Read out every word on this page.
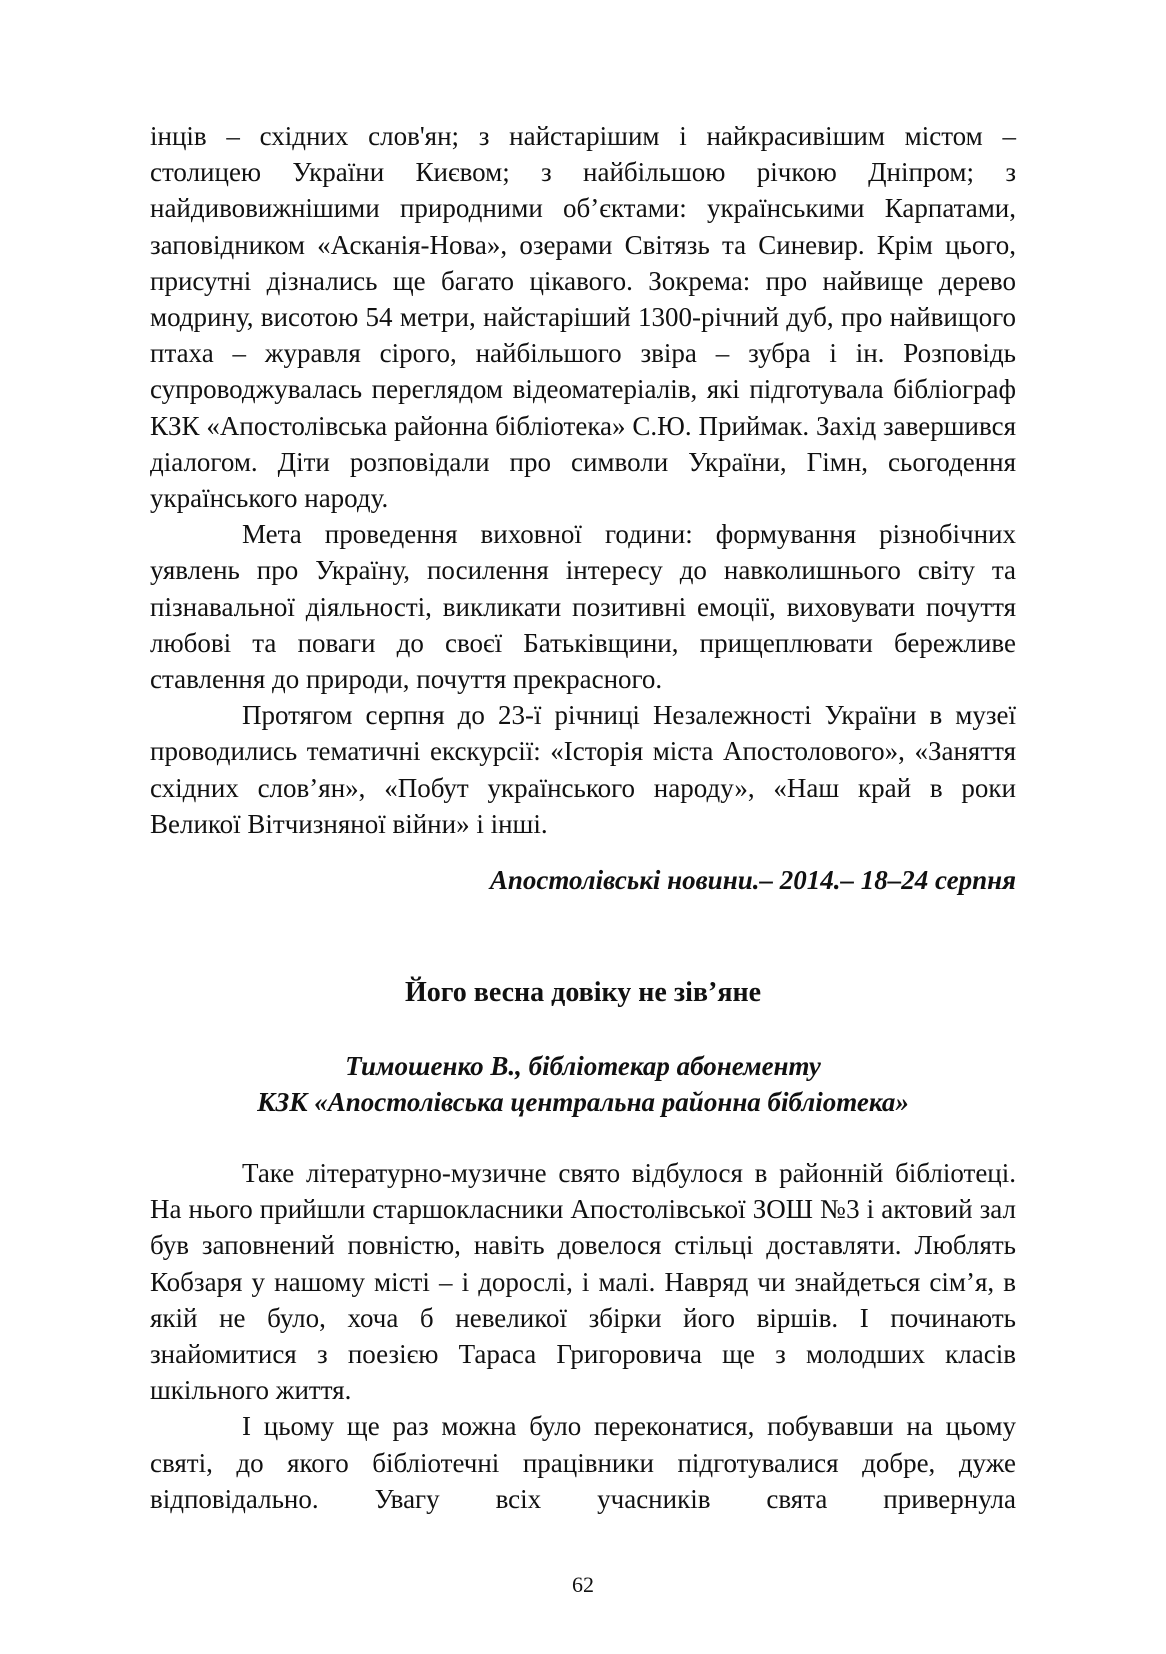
інців – східних слов'ян; з найстарішим і найкрасивішим містом – столицею України Києвом; з найбільшою річкою Дніпром; з найдивовижнішими природними об’єктами: українськими Карпатами, заповідником «Асканія-Нова», озерами Світязь та Синевир. Крім цього, присутні дізнались ще багато цікавого. Зокрема: про найвище дерево модрину, висотою 54 метри, найстаріший 1300-річний дуб, про найвищого птаха – журавля сірого, найбільшого звіра – зубра і ін. Розповідь супроводжувалась переглядом відеоматеріалів, які підготувала бібліограф КЗК «Апостолівська районна бібліотека» С.Ю. Приймак. Захід завершився діалогом. Діти розповідали про символи України, Гімн, сьогодення українського народу.

Мета проведення виховної години: формування різнобічних уявлень про Україну, посилення інтересу до навколишнього світу та пізнавальної діяльності, викликати позитивні емоції, виховувати почуття любові та поваги до своєї Батьківщини, прищеплювати бережливе ставлення до природи, почуття прекрасного.

Протягом серпня до 23-ї річниці Незалежності України в музеї проводились тематичні екскурсії: «Історія міста Апостолового», «Заняття східних слов’ян», «Побут українського народу», «Наш край в роки Великої Вітчизняної війни» і інші.

Апостолівські новини.– 2014.– 18–24 серпня

Його весна довіку не зів’яне
Тимошенко В., бібліотекар абонементу
КЗК «Апостолівська центральна районна бібліотека»

Таке літературно-музичне свято відбулося в районній бібліотеці. На нього прийшли старшокласники Апостолівської ЗОШ №3 і актовий зал був заповнений повністю, навіть довелося стільці доставляти. Люблять Кобзаря у нашому місті – і дорослі, і малі. Навряд чи знайдеться сім’я, в якій не було, хоча б невеликої збірки його віршів. І починають знайомитися з поезією Тараса Григоровича ще з молодших класів шкільного життя.

І цьому ще раз можна було переконатися, побувавши на цьому святі, до якого бібліотечні працівники підготувалися добре, дуже відповідально. Увагу всіх учасників свята привернула

62
